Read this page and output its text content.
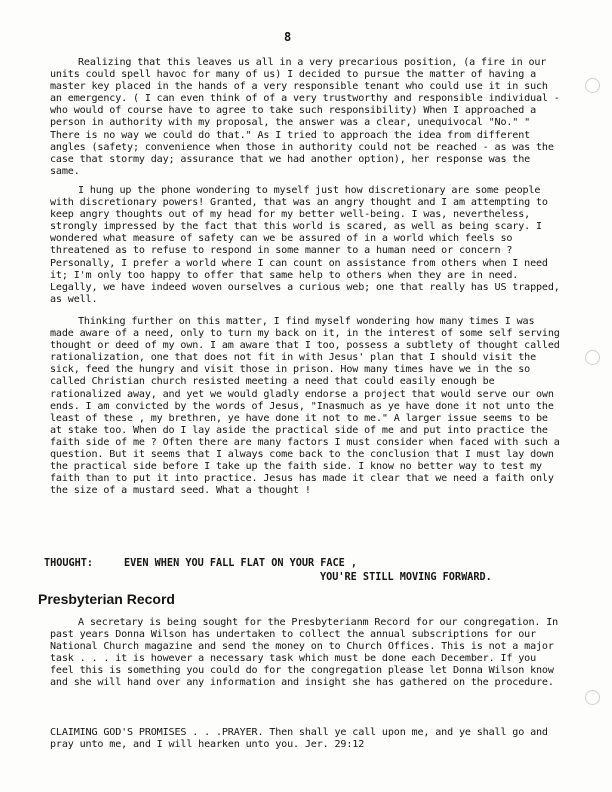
8

Realizing that this leaves us all in a very precarious position, (a fire in our units could spell havoc for many of us) I decided to pursue the matter of having a master key placed in the hands of a very responsible tenant who could use it in such an emergency. ( I can even think of of a very trustworthy and responsible individual - who would of course have to agree to take such responsibility) When I approached a person in authority with my proposal, the answer was a clear, unequivocal "No." " There is no way we could do that." As I tried to approach the idea from different angles (safety; convenience when those in authority could not be reached - as was the case that stormy day; assurance that we had another option), her response was the same.

I hung up the phone wondering to myself just how discretionary are some people with discretionary powers! Granted, that was an angry thought and I am attempting to keep angry thoughts out of my head for my better well-being. I was, nevertheless, strongly impressed by the fact that this world is scared, as well as being scary. I wondered what measure of safety can we be assured of in a world which feels so threatened as to refuse to respond in some manner to a human need or concern ? Personally, I prefer a world where I can count on assistance from others when I need it; I'm only too happy to offer that same help to others when they are in need. Legally, we have indeed woven ourselves a curious web; one that really has US trapped, as well.

Thinking further on this matter, I find myself wondering how many times I was made aware of a need, only to turn my back on it, in the interest of some self serving thought or deed of my own. I am aware that I too, possess a subtlety of thought called rationalization, one that does not fit in with Jesus' plan that I should visit the sick, feed the hungry and visit those in prison. How many times have we in the so called Christian church resisted meeting a need that could easily enough be rationalized away, and yet we would gladly endorse a project that would serve our own ends. I am convicted by the words of Jesus, "Inasmuch as ye have done it not unto the least of these , my brethren, ye have done it not to me." A larger issue seems to be at stake too. When do I lay aside the practical side of me and put into practice the faith side of me ? Often there are many factors I must consider when faced with such a question. But it seems that I always come back to the conclusion that I must lay down the practical side before I take up the faith side. I know no better way to test my faith than to put it into practice. Jesus has made it clear that we need a faith only the size of a mustard seed. What a thought !

THOUGHT:	EVEN WHEN YOU FALL FLAT ON YOUR FACE ,
YOU'RE STILL MOVING FORWARD.
Presbyterian Record

A secretary is being sought for the Presbyterianm Record for our congregation. In past years Donna Wilson has undertaken to collect the annual subscriptions for our National Church magazine and send the money on to Church Offices. This is not a major task . . . it is however a necessary task which must be done each December. If you feel this is something you could do for the congregation please let Donna Wilson know and she will hand over any information and insight she has gathered on the procedure.

CLAIMING GOD'S PROMISES . . .PRAYER. Then shall ye call upon me, and ye shall go and pray unto me, and I will hearken unto you. Jer. 29:12
